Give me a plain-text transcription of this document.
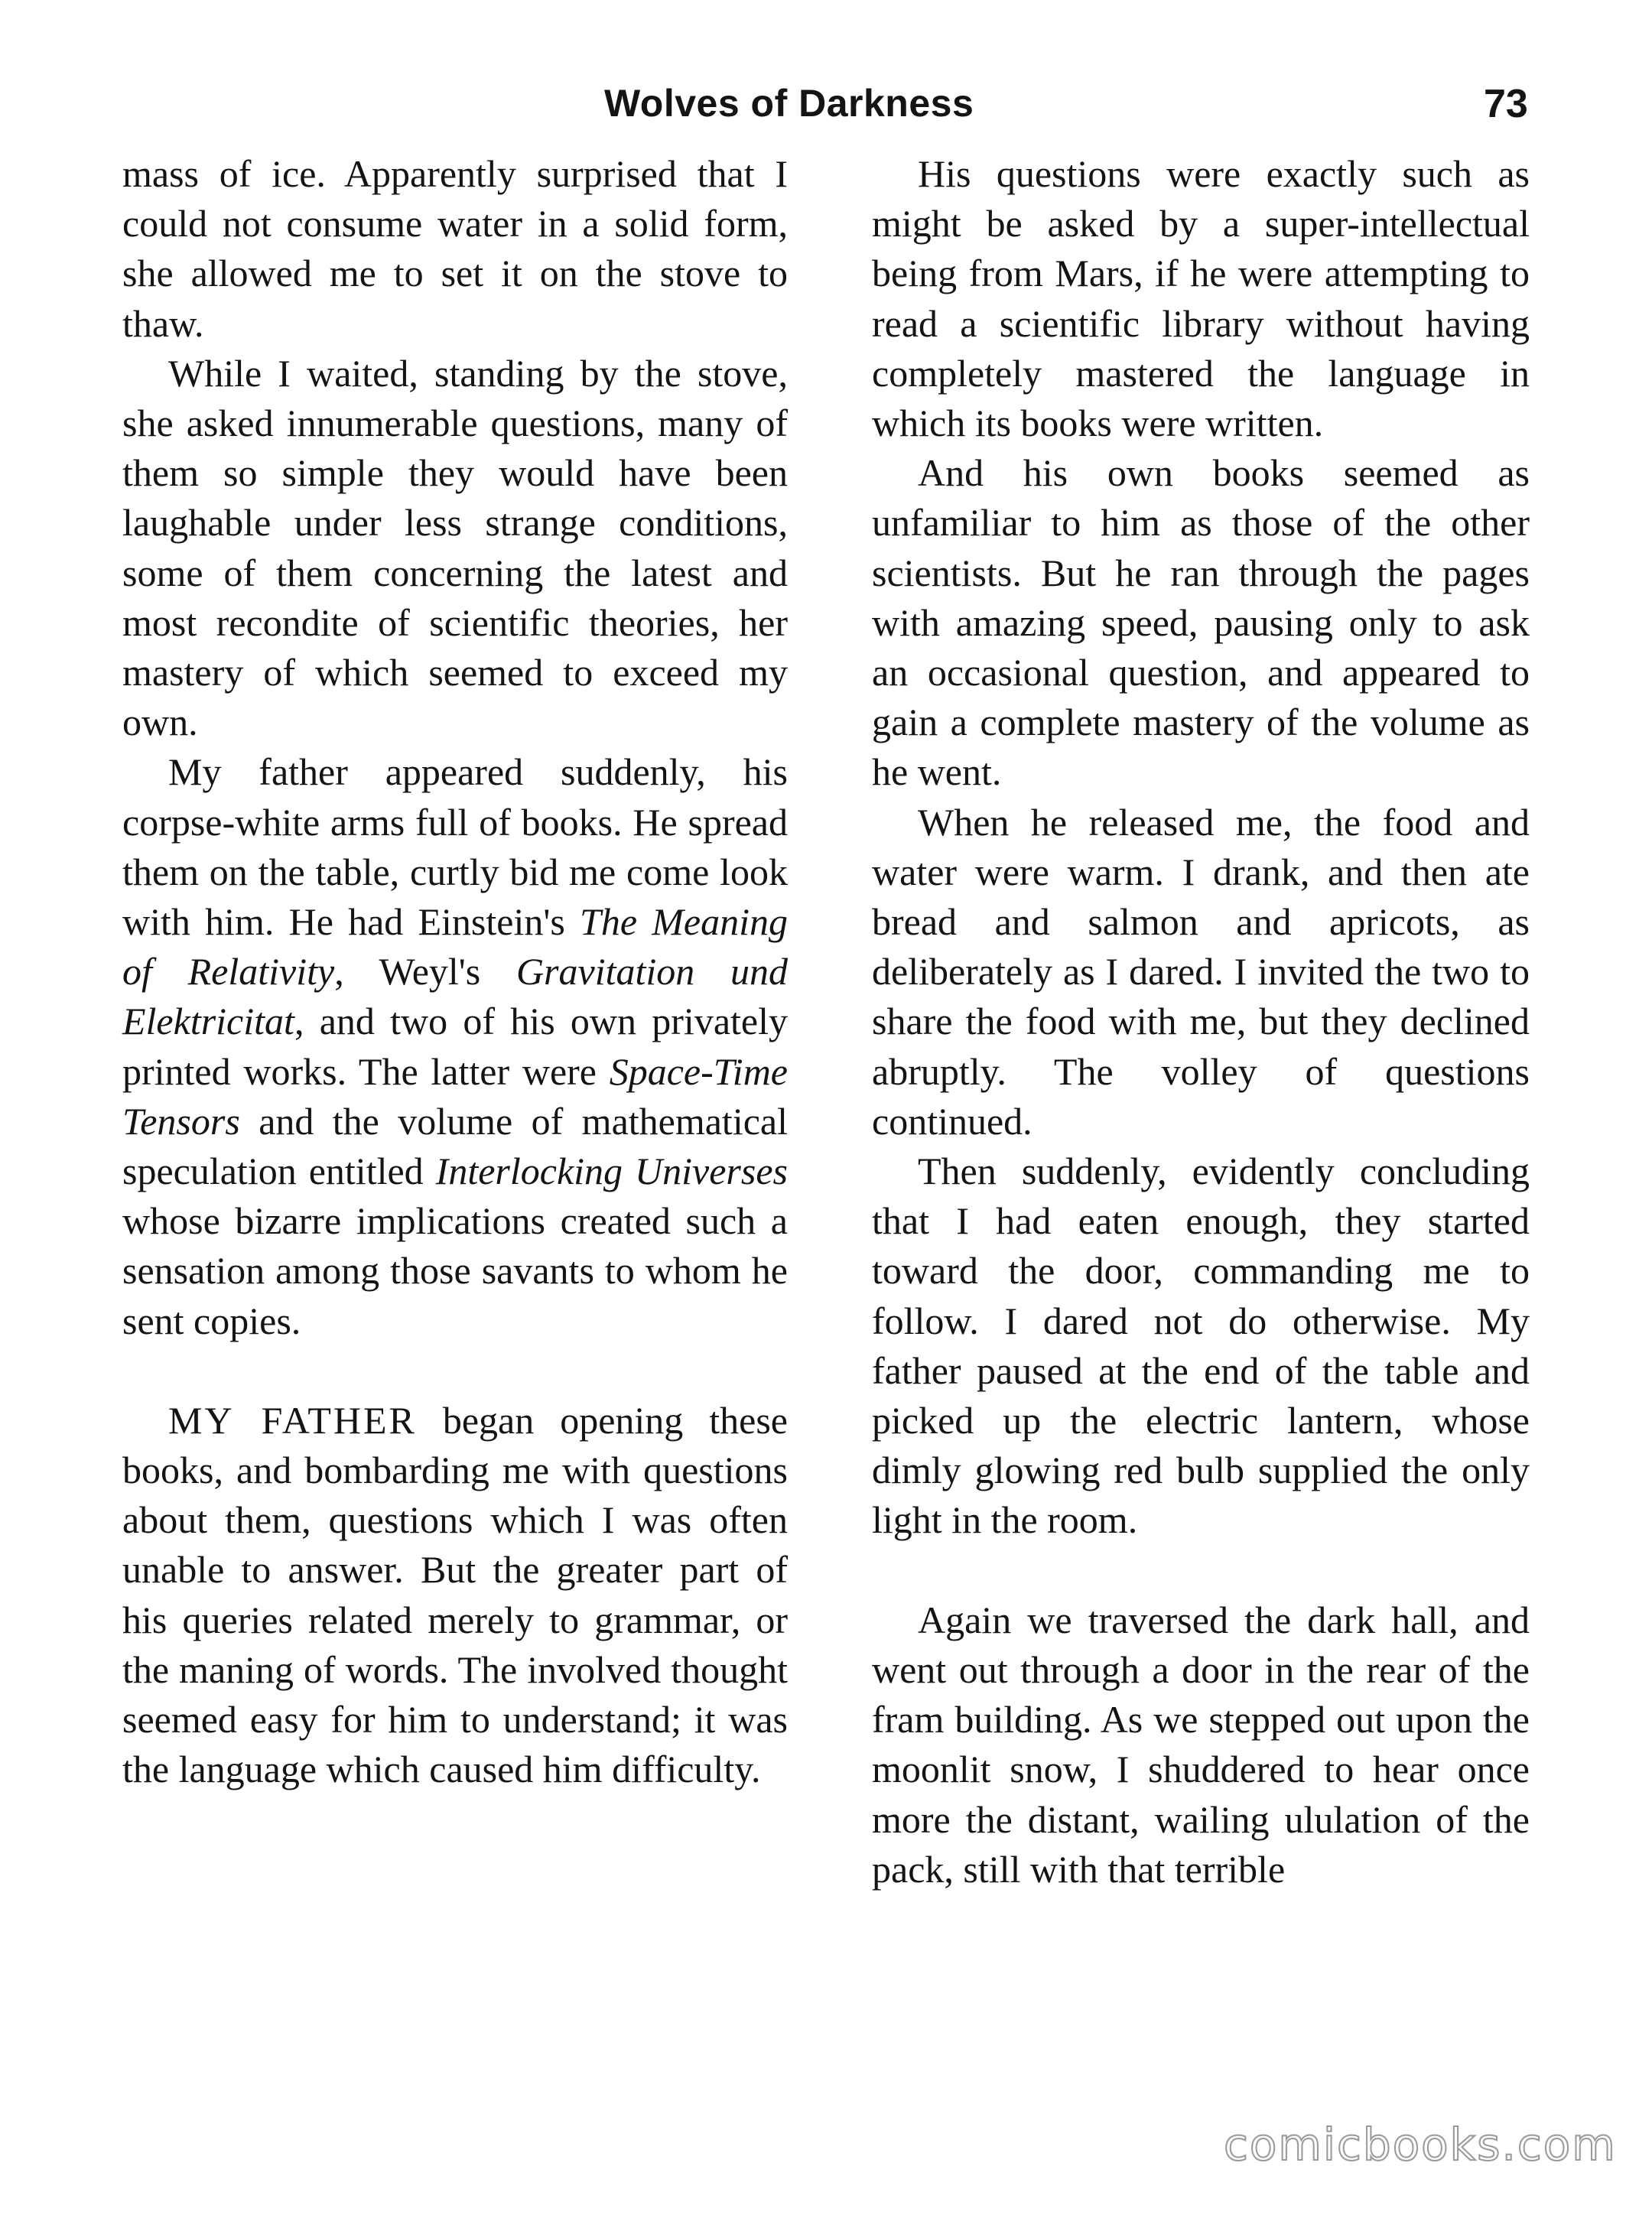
Wolves of Darkness	73

mass of ice. Apparently surprised that I could not consume water in a solid form, she allowed me to set it on the stove to thaw.

While I waited, standing by the stove, she asked innumerable questions, many of them so simple they would have been laughable under less strange conditions, some of them concerning the latest and most recondite of scientific theories, her mastery of which seemed to exceed my own.

My father appeared suddenly, his corpse-white arms full of books. He spread them on the table, curtly bid me come look with him. He had Einstein's The Meaning of Relativity, Weyl's Gravitation und Elektricitat, and two of his own privately printed works. The latter were Space-Time Tensors and the volume of mathematical speculation entitled Interlocking Universes whose bizarre implications created such a sensation among those savants to whom he sent copies.

MY FATHER began opening these books, and bombarding me with questions about them, questions which I was often unable to answer. But the greater part of his queries related merely to grammar, or the maning of words. The involved thought seemed easy for him to understand; it was the language which caused him difficulty.

His questions were exactly such as might be asked by a super-intellectual being from Mars, if he were attempting to read a scientific library without having completely mastered the language in which its books were written.

And his own books seemed as unfamiliar to him as those of the other scientists. But he ran through the pages with amazing speed, pausing only to ask an occasional question, and appeared to gain a complete mastery of the volume as he went.

When he released me, the food and water were warm. I drank, and then ate bread and salmon and apricots, as deliberately as I dared. I invited the two to share the food with me, but they declined abruptly. The volley of questions continued.

Then suddenly, evidently concluding that I had eaten enough, they started toward the door, commanding me to follow. I dared not do otherwise. My father paused at the end of the table and picked up the electric lantern, whose dimly glowing red bulb supplied the only light in the room.

Again we traversed the dark hall, and went out through a door in the rear of the fram building. As we stepped out upon the moonlit snow, I shuddered to hear once more the distant, wailing ululation of the pack, still with that terrible

comicbooks.com
